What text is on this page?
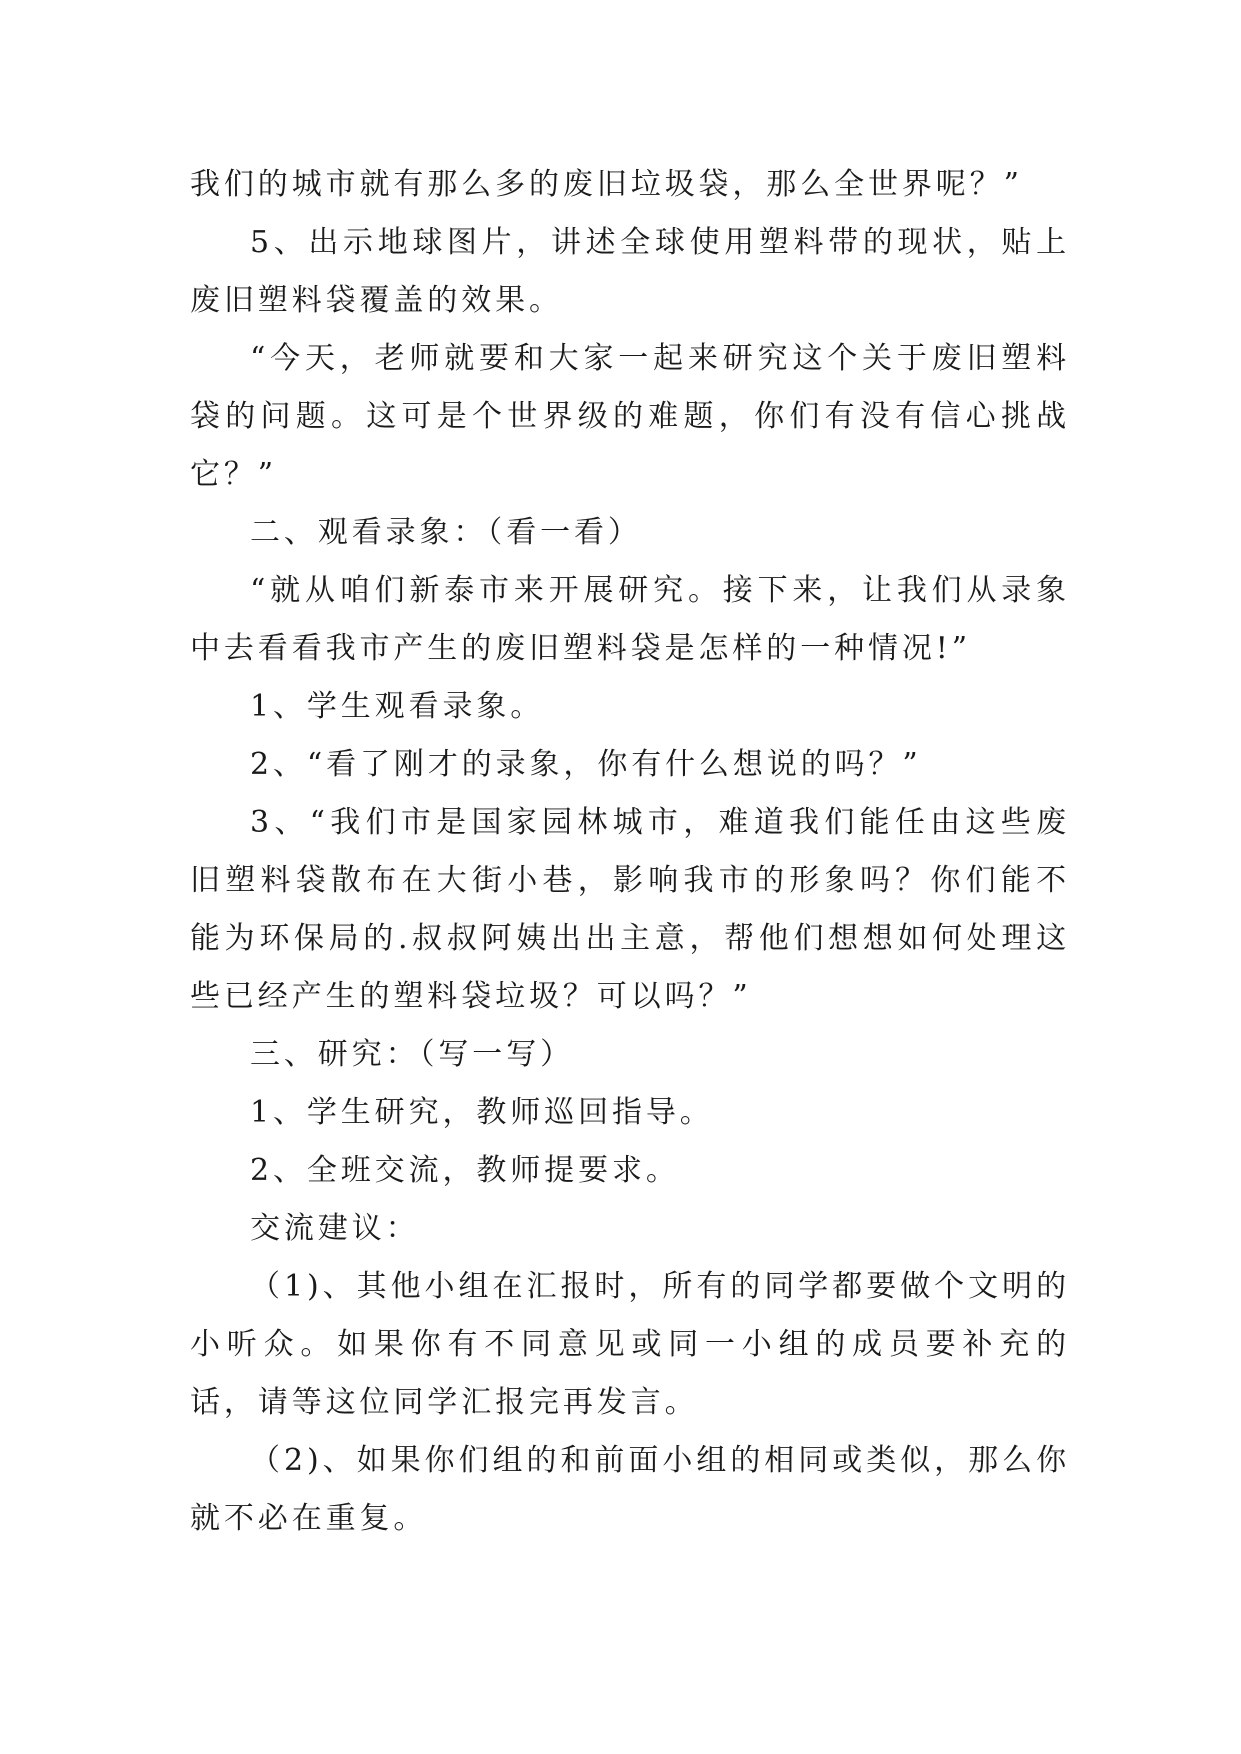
我们的城市就有那么多的废旧垃圾袋，那么全世界呢？”

5、出示地球图片，讲述全球使用塑料带的现状，贴上废旧塑料袋覆盖的效果。

“今天，老师就要和大家一起来研究这个关于废旧塑料袋的问题。这可是个世界级的难题，你们有没有信心挑战它？”

二、观看录象：（看一看）

“就从咱们新泰市来开展研究。接下来，让我们从录象中去看看我市产生的废旧塑料袋是怎样的一种情况!”

1、学生观看录象。

2、“看了刚才的录象，你有什么想说的吗？”

3、“我们市是国家园林城市，难道我们能任由这些废旧塑料袋散布在大街小巷，影响我市的形象吗？你们能不能为环保局的.叔叔阿姨出出主意，帮他们想想如何处理这些已经产生的塑料袋垃圾？可以吗？”

三、研究：（写一写）

1、学生研究，教师巡回指导。

2、全班交流，教师提要求。

交流建议：

（1)、其他小组在汇报时，所有的同学都要做个文明的小听众。如果你有不同意见或同一小组的成员要补充的话，请等这位同学汇报完再发言。

（2)、如果你们组的和前面小组的相同或类似，那么你就不必在重复。
